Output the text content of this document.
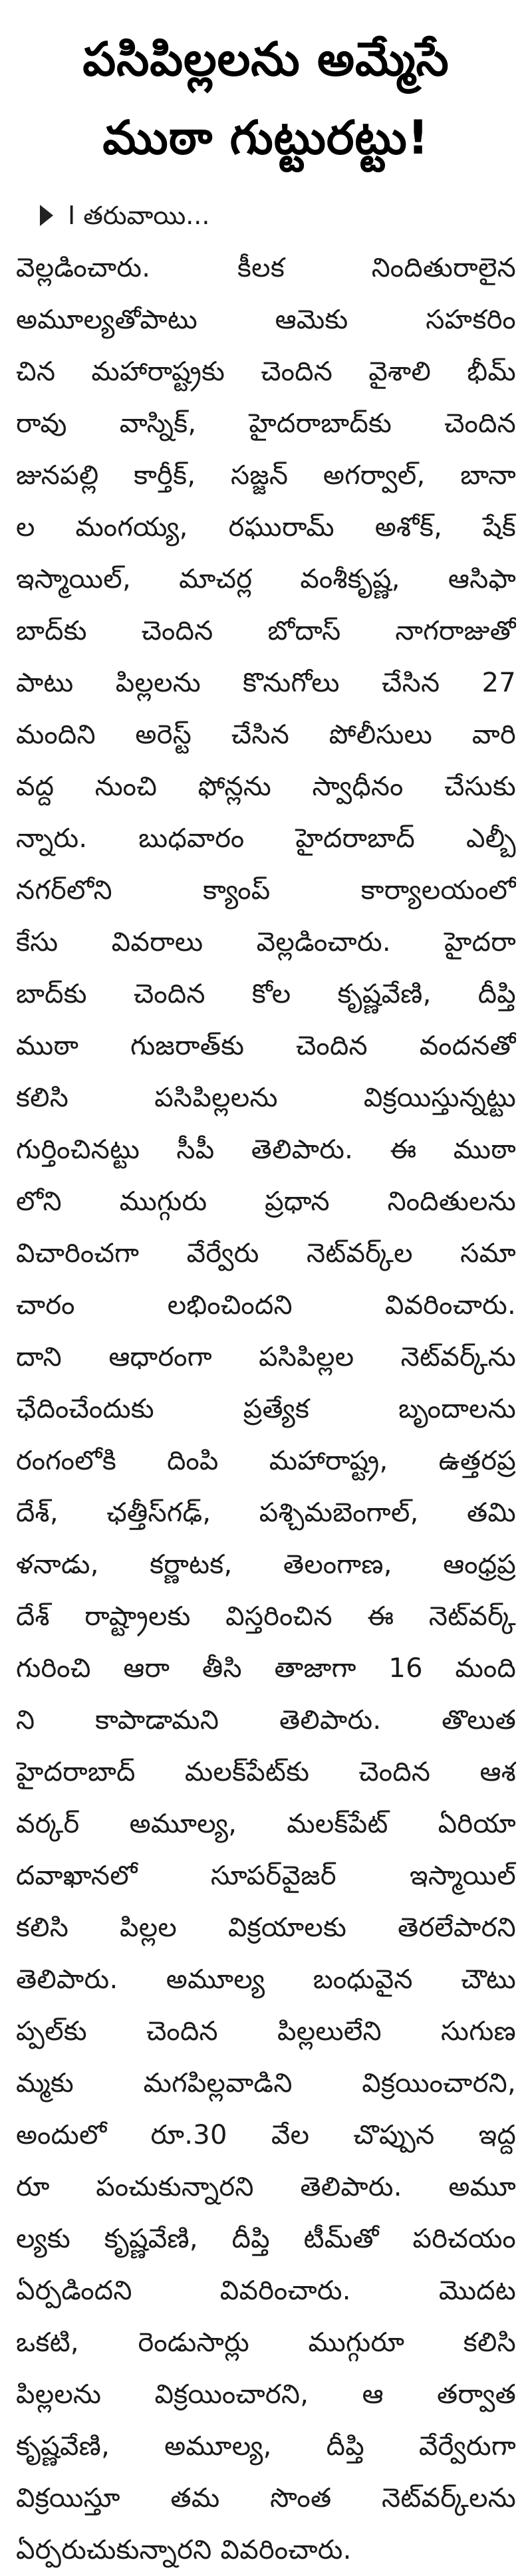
పసిపిల్లలను అమ్మేసే
ముఠా గుట్టురట్టు!
I తరువాయి...
వెల్లడించారు. కీలక నిందితురాలైన
అమూల్యతోపాటు ఆమెకు సహకరిం
చిన మహారాష్ట్రకు చెందిన వైశాలి భీమ్
రావు వాస్నిక్, హైదరాబాద్‌కు చెందిన
జునపల్లి కార్తీక్, సజ్జన్ అగర్వాల్, బానా
ల మంగయ్య, రఘురామ్ అశోక్, షేక్
ఇస్మాయిల్, మాచర్ల వంశీకృష్ణ, ఆసిఫా
బాద్‌కు చెందిన బోదాస్ నాగరాజుతో
పాటు పిల్లలను కొనుగోలు చేసిన 27
మందిని అరెస్ట్ చేసిన పోలీసులు వారి
వద్ద నుంచి ఫోన్లను స్వాధీనం చేసుకు
న్నారు. బుధవారం హైదరాబాద్ ఎల్బీ
నగర్‌లోని క్యాంప్ కార్యాలయంలో
కేసు వివరాలు వెల్లడించారు. హైదరా
బాద్‌కు చెందిన కోల కృష్ణవేణి, దీప్తి
ముఠా గుజరాత్‌కు చెందిన వందనతో
కలిసి పసిపిల్లలను విక్రయిస్తున్నట్టు
గుర్తించినట్టు సీపీ తెలిపారు. ఈ ముఠా
లోని ముగ్గురు ప్రధాన నిందితులను
విచారించగా వేర్వేరు నెట్‌వర్క్‌ల సమా
చారం లభించిందని వివరించారు.
దాని ఆధారంగా పసిపిల్లల నెట్‌వర్క్‌ను
ఛేదించేందుకు ప్రత్యేక బృందాలను
రంగంలోకి దింపి మహారాష్ట్ర, ఉత్తరప్ర
దేశ్, ఛత్తీస్‌గఢ్, పశ్చిమబెంగాల్, తమి
ళనాడు, కర్ణాటక, తెలంగాణ, ఆంధ్రప్ర
దేశ్ రాష్ట్రాలకు విస్తరించిన ఈ నెట్‌వర్క్
గురించి ఆరా తీసి తాజాగా 16 మంది
ని కాపాడామని తెలిపారు. తొలుత
హైదరాబాద్ మలక్‌పేట్‌కు చెందిన ఆశ
వర్కర్ అమూల్య, మలక్‌పేట్ ఏరియా
దవాఖానలో సూపర్‌వైజర్ ఇస్మాయిల్
కలిసి పిల్లల విక్రయాలకు తెరలేపారని
తెలిపారు. అమూల్య బంధువైన చౌటు
ప్పల్‌కు చెందిన పిల్లలులేని సుగుణ
మ్మకు మగపిల్లవాడిని విక్రయించారని,
అందులో రూ.30 వేల చొప్పున ఇద్ద
రూ పంచుకున్నారని తెలిపారు. అమూ
ల్యకు కృష్ణవేణి, దీప్తి టీమ్‌తో పరిచయం
ఏర్పడిందని వివరించారు. మొదట
ఒకటి, రెండుసార్లు ముగ్గురూ కలిసి
పిల్లలను విక్రయించారని, ఆ తర్వాత
కృష్ణవేణి, అమూల్య, దీప్తి వేర్వేరుగా
విక్రయిస్తూ తమ సొంత నెట్‌వర్క్‌లను
ఏర్పరుచుకున్నారని వివరించారు.
